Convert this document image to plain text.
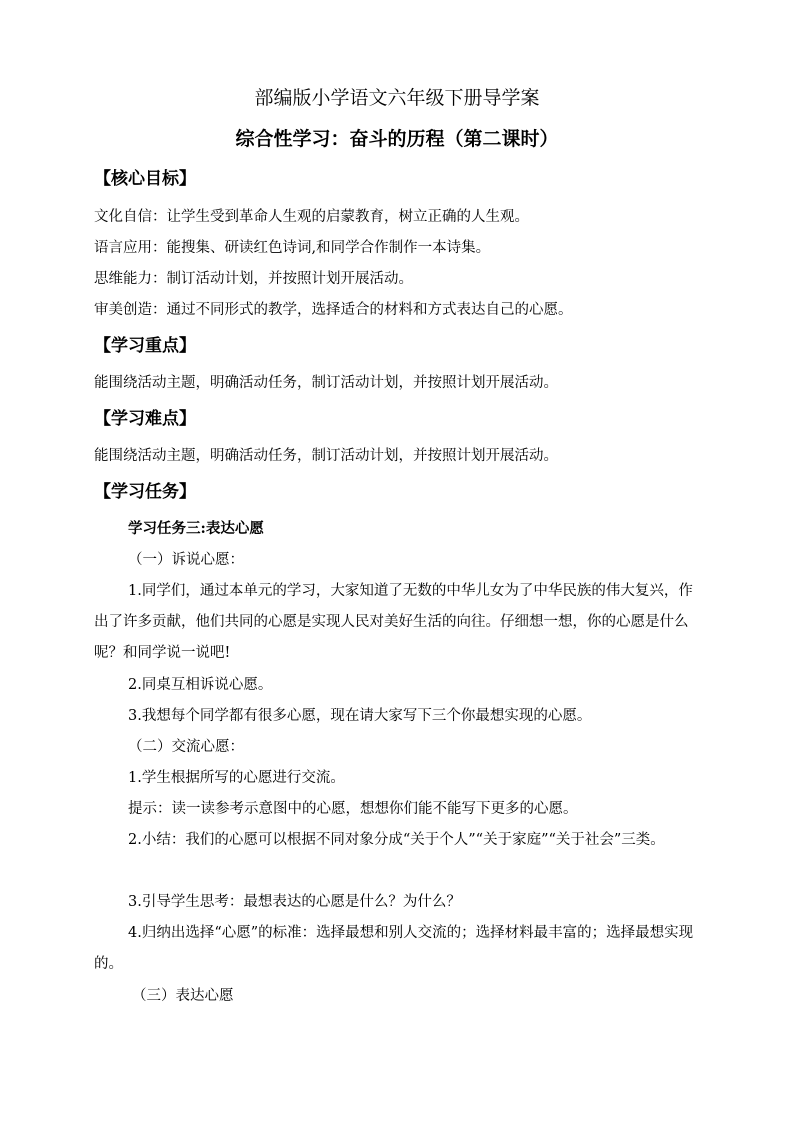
部编版小学语文六年级下册导学案
综合性学习：奋斗的历程（第二课时）
【核心目标】
文化自信：让学生受到革命人生观的启蒙教育，树立正确的人生观。
语言应用：能搜集、研读红色诗词,和同学合作制作一本诗集。
思维能力：制订活动计划，并按照计划开展活动。
审美创造：通过不同形式的教学，选择适合的材料和方式表达自己的心愿。
【学习重点】
能围绕活动主题，明确活动任务，制订活动计划，并按照计划开展活动。
【学习难点】
能围绕活动主题，明确活动任务，制订活动计划，并按照计划开展活动。
【学习任务】
学习任务三:表达心愿
（一）诉说心愿：
1.同学们，通过本单元的学习，大家知道了无数的中华儿女为了中华民族的伟大复兴，作出了许多贡献，他们共同的心愿是实现人民对美好生活的向往。仔细想一想，你的心愿是什么呢？和同学说一说吧!
2.同桌互相诉说心愿。
3.我想每个同学都有很多心愿，现在请大家写下三个你最想实现的心愿。
（二）交流心愿：
1.学生根据所写的心愿进行交流。
提示：读一读参考示意图中的心愿，想想你们能不能写下更多的心愿。
2.小结：我们的心愿可以根据不同对象分成“关于个人”“关于家庭”“关于社会”三类。
3.引导学生思考：最想表达的心愿是什么？为什么？
4.归纳出选择“心愿”的标准：选择最想和别人交流的；选择材料最丰富的；选择最想实现的。
（三）表达心愿
